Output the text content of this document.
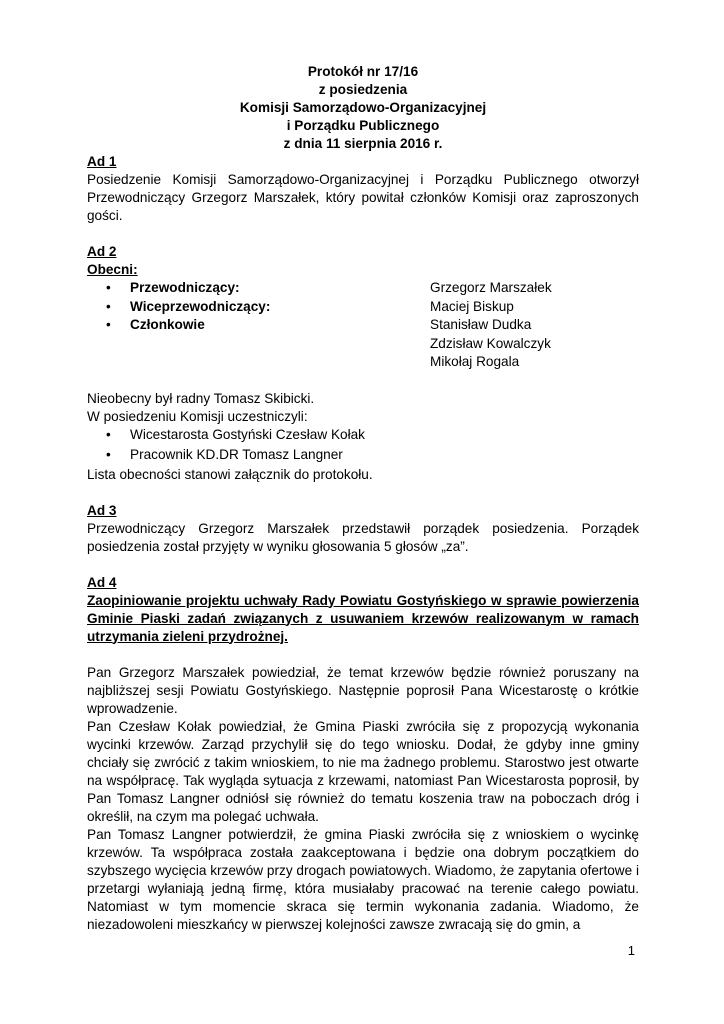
Protokół nr 17/16
z posiedzenia
Komisji Samorządowo-Organizacyjnej
i Porządku Publicznego
z dnia 11 sierpnia 2016 r.

Ad 1

Posiedzenie Komisji Samorządowo-Organizacyjnej i Porządku Publicznego otworzył Przewodniczący Grzegorz Marszałek, który powitał członków Komisji oraz zaproszonych gości.

Ad 2

Obecni:

• Przewodniczący:	Grzegorz Marszałek
• Wiceprzewodniczący:	Maciej Biskup
• Członkowie	Stanisław Dudka
Zdzisław Kowalczyk
Mikołaj Rogala

Nieobecny był radny Tomasz Skibicki.

W posiedzeniu Komisji uczestniczyli:

• Wicestarosta Gostyński Czesław Kołak
• Pracownik KD.DR Tomasz Langner

Lista obecności stanowi załącznik do protokołu.

Ad 3

Przewodniczący Grzegorz Marszałek przedstawił porządek posiedzenia. Porządek posiedzenia został przyjęty w wyniku głosowania 5 głosów „za”.

Ad 4

Zaopiniowanie projektu uchwały Rady Powiatu Gostyńskiego w sprawie powierzenia Gminie Piaski zadań związanych z usuwaniem krzewów realizowanym w ramach utrzymania zieleni przydrożnej.

Pan Grzegorz Marszałek powiedział, że temat krzewów będzie również poruszany na najbliższej sesji Powiatu Gostyńskiego. Następnie poprosił Pana Wicestarostę o krótkie wprowadzenie.

Pan Czesław Kołak powiedział, że Gmina Piaski zwróciła się z propozycją wykonania wycinki krzewów. Zarząd przychylił się do tego wniosku. Dodał, że gdyby inne gminy chciały się zwrócić z takim wnioskiem, to nie ma żadnego problemu. Starostwo jest otwarte na współpracę. Tak wygląda sytuacja z krzewami, natomiast Pan Wicestarosta poprosił, by Pan Tomasz Langner odniósł się również do tematu koszenia traw na poboczach dróg i określił, na czym ma polegać uchwała.

Pan Tomasz Langner potwierdził, że gmina Piaski zwróciła się z wnioskiem o wycinkę krzewów. Ta współpraca została zaakceptowana i będzie ona dobrym początkiem do szybszego wycięcia krzewów przy drogach powiatowych. Wiadomo, że zapytania ofertowe i przetargi wyłaniają jedną firmę, która musiałaby pracować na terenie całego powiatu. Natomiast w tym momencie skraca się termin wykonania zadania. Wiadomo, że niezadowoleni mieszkańcy w pierwszej kolejności zawsze zwracają się do gmin, a

1
